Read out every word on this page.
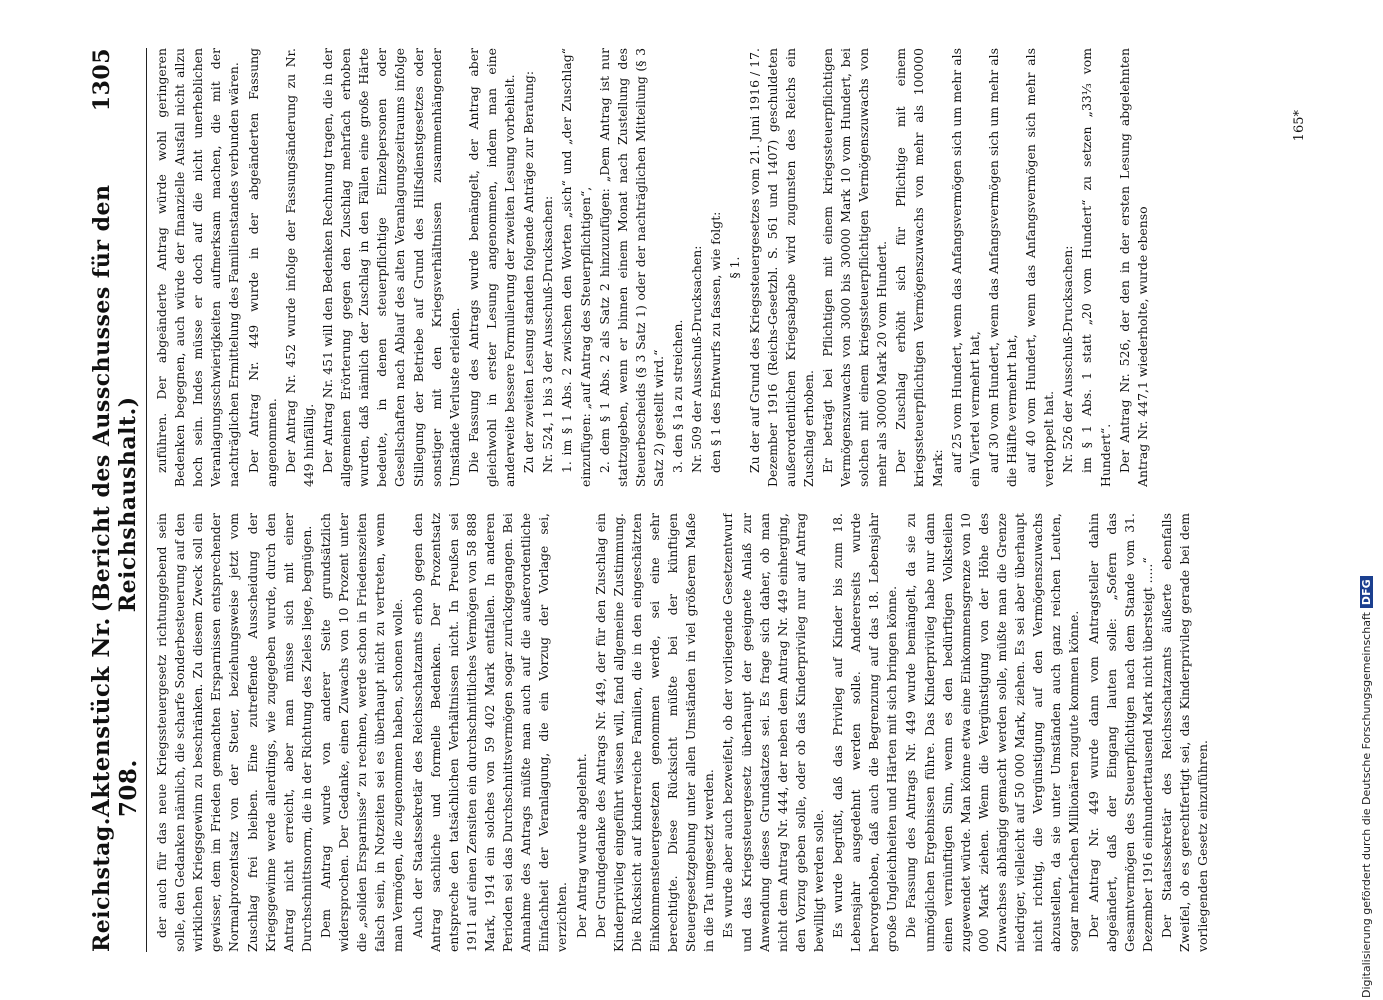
Reichstag.
Aktenstück Nr. 708.
(Bericht des Ausschusses für den Reichshaushalt.)
1305

der auch für das neue Kriegssteuergesetz richtunggebend sein solle, den Gedanken nämlich, die scharfe Sonderbesteuerung auf den wirklichen Kriegsgewinn zu beschränken. Zu diesem Zweck soll ein gewisser, dem im Frieden gemachten Ersparnissen entsprechender Normalprozentsatz von der Steuer, beziehungsweise jetzt vom Zuschlag frei bleiben. Eine zutreffende Ausscheidung der Kriegsgewinne werde allerdings, wie zugegeben wurde, durch den Antrag nicht erreicht, aber man müsse sich mit einer Durchschnittsnorm, die in der Richtung des Zieles liege, begnügen. Dem Antrag wurde von anderer Seite grundsätzlich widersprochen. Der Gedanke, einen Zuwachs von 10 Prozent unter die „soliden Ersparnisse“ zu rechnen, werde schon in Friedenszeiten falsch sein, in Notzeiten sei es überhaupt nicht zu vertreten, wenn man Vermögen, die zugenommen haben, schonen wolle. Auch der Staatssekretär des Reichsschatzamts erhob gegen den Antrag sachliche und formelle Bedenken. Der Prozentsatz entspreche den tatsächlichen Verhältnissen nicht. In Preußen sei 1911 auf einen Zensiten ein durchschnittliches Vermögen von 58 888 Mark, 1914 ein solches von 59 402 Mark entfallen. In anderen Perioden sei das Durchschnittsvermögen sogar zurückgegangen. Bei Annahme des Antrags müßte man auch auf die außerordentliche Einfachheit der Veranlagung, die ein Vorzug der Vorlage sei, verzichten. Der Antrag wurde abgelehnt. Der Grundgedanke des Antrags Nr. 449, der für den Zuschlag ein Kinderprivileg eingeführt wissen will, fand allgemeine Zustimmung. Die Rücksicht auf kinderreiche Familien, die in den eingeschätzten Einkommensteuergesetzen genommen werde, sei eine sehr berechtigte. Diese Rücksicht müßte bei der künftigen Steuergesetzgebung unter allen Umständen in viel größerem Maße in die Tat umgesetzt werden. Es wurde aber auch bezweifelt, ob der vorliegende Gesetzentwurf und das Kriegssteuergesetz überhaupt der geeignete Anlaß zur Anwendung dieses Grundsatzes sei. Es frage sich daher, ob man nicht dem Antrag Nr. 444, der neben dem Antrag Nr. 449 einherging, den Vorzug geben solle, oder ob das Kinderprivileg nur auf Antrag bewilligt werden solle. Es wurde begrüßt, daß das Privileg auf Kinder bis zum 18. Lebensjahr ausgedehnt werden solle. Andererseits wurde hervorgehoben, daß auch die Begrenzung auf das 18. Lebensjahr große Ungleichheiten und Härten mit sich bringen könne. Die Fassung des Antrags Nr. 449 wurde bemängelt, da sie zu unmöglichen Ergebnissen führe. Das Kinderprivileg habe nur dann einen vernünftigen Sinn, wenn es den bedürftigen Volksteilen zugewendet würde. Man könne etwa eine Einkommensgrenze von 10 000 Mark ziehen. Wenn die Vergünstigung von der Höhe des Zuwachses abhängig gemacht werden solle, müßte man die Grenze niedriger, vielleicht auf 50 000 Mark, ziehen. Es sei aber überhaupt nicht richtig, die Vergünstigung auf den Vermögenszuwachs abzustellen, da sie unter Umständen auch ganz reichen Leuten, sogar mehrfachen Millionären zugute kommen könne. Der Antrag Nr. 449 wurde dann vom Antragsteller dahin abgeändert, daß der Eingang lauten solle: „Sofern das Gesamtvermögen des Steuerpflichtigen nach dem Stande vom 31. Dezember 1916 einhunderttausend Mark nicht übersteigt .....“ Der Staatssekretär des Reichsschatzamts äußerte ebenfalls Zweifel, ob es gerechtfertigt sei, das Kinderprivileg gerade bei dem vorliegenden Gesetz einzuführen.

zuführen. Der abgeänderte Antrag würde wohl geringeren Bedenken begegnen, auch würde der finanzielle Ausfall nicht allzu hoch sein. Indes müsse er doch auf die nicht unerheblichen Veranlagungsschwierigkeiten aufmerksam machen, die mit der nachträglichen Ermittelung des Familienstandes verbunden wären. Der Antrag Nr. 449 wurde in der abgeänderten Fassung angenommen. Der Antrag Nr. 452 wurde infolge der Fassungsänderung zu Nr. 449 hinfällig. Der Antrag Nr. 451 will den Bedenken Rechnung tragen, die in der allgemeinen Erörterung gegen den Zuschlag mehrfach erhoben wurden, daß nämlich der Zuschlag in den Fällen eine große Härte bedeute, in denen steuerpflichtige Einzelpersonen oder Gesellschaften nach Ablauf des alten Veranlagungszeitraums infolge Stillegung der Betriebe auf Grund des Hilfsdienstgesetzes oder sonstiger mit den Kriegsverhältnissen zusammenhängender Umstände Verluste erleiden. Die Fassung des Antrags wurde bemängelt, der Antrag aber gleichwohl in erster Lesung angenommen, indem man eine anderweite bessere Formulierung der zweiten Lesung vorbehielt. Zu der zweiten Lesung standen folgende Anträge zur Beratung: Nr. 524, 1 bis 3 der Ausschuß-Drucksachen: 1. im § 1 Abs. 2 zwischen den Worten „sich“ und „der Zuschlag“ einzufügen: „auf Antrag des Steuerpflichtigen“, 2. dem § 1 Abs. 2 als Satz 2 hinzuzufügen: „Dem Antrag ist nur stattzugeben, wenn er binnen einem Monat nach Zustellung des Steuerbescheids (§ 3 Satz 1) oder der nachträglichen Mitteilung (§ 3 Satz 2) gestellt wird.“ 3. den § 1a zu streichen. Nr. 509 der Ausschuß-Drucksachen: den § 1 des Entwurfs zu fassen, wie folgt: § 1. Zu der auf Grund des Kriegssteuergesetzes vom 21. Juni 1916 / 17. Dezember 1916 (Reichs-Gesetzbl. S. 561 und 1407) geschuldeten außerordentlichen Kriegsabgabe wird zugunsten des Reichs ein Zuschlag erhoben. Er beträgt bei Pflichtigen mit einem kriegssteuerpflichtigen Vermögenszuwachs von 3000 bis 30000 Mark 10 vom Hundert, bei solchen mit einem kriegssteuerpflichtigen Vermögenszuwachs von mehr als 30000 Mark 20 vom Hundert. Der Zuschlag erhöht sich für Pflichtige mit einem kriegssteuerpflichtigen Vermögenszuwachs von mehr als 100000 Mark: auf 25 vom Hundert, wenn das Anfangsvermögen sich um mehr als ein Viertel vermehrt hat, auf 30 vom Hundert, wenn das Anfangsvermögen sich um mehr als die Hälfte vermehrt hat, auf 40 vom Hundert, wenn das Anfangsvermögen sich mehr als verdoppelt hat. Nr. 526 der Ausschuß-Drucksachen: im § 1 Abs. 1 statt „20 vom Hundert“ zu setzen „33⅓ vom Hundert“. Der Antrag Nr. 526, der den in der ersten Lesung abgelehnten Antrag Nr. 447,1 wiederholte, wurde ebenso

165*
Digitalisierung gefördert durch die Deutsche ForschungsgemeinschaftDFG
